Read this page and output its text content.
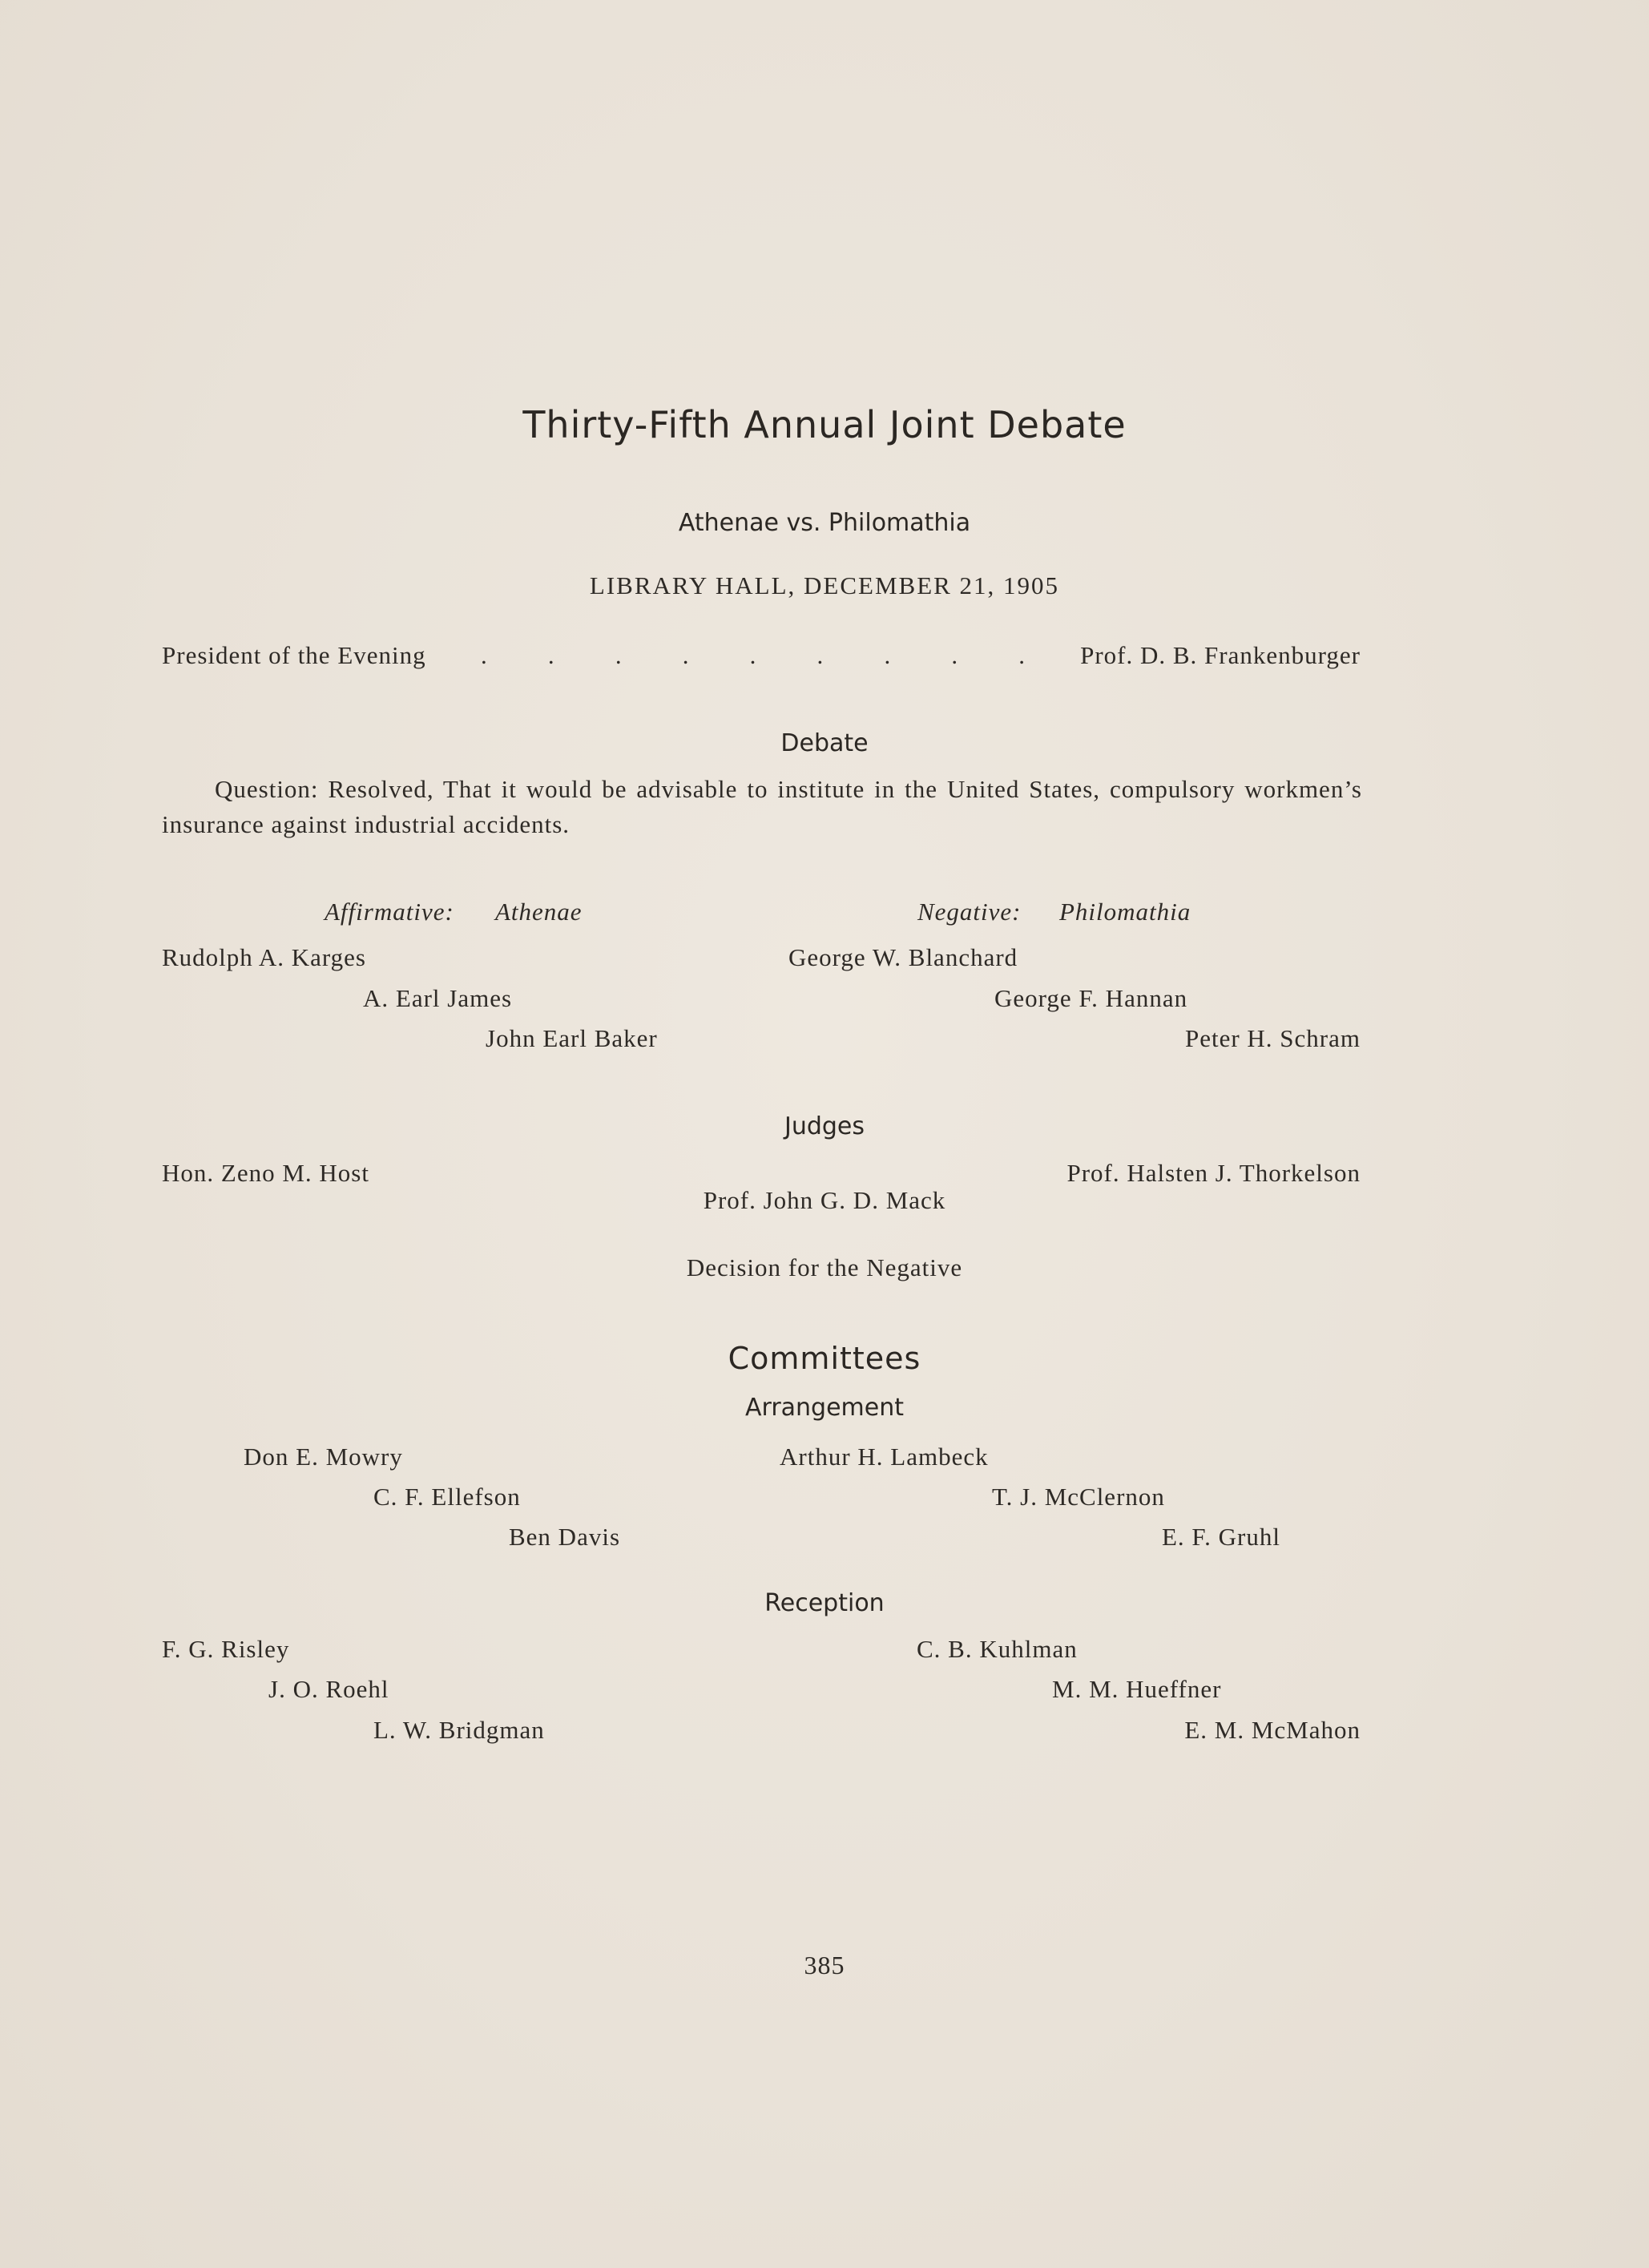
Thirty-Fifth Annual Joint Debate
Athenae vs. Philomathia
LIBRARY HALL, DECEMBER 21, 1905
President of the Evening . . . . . . . . . Prof. D. B. Frankenburger
Debate
Question: Resolved, That it would be advisable to institute in the United States, compulsory workmen’s insurance against industrial accidents.
Affirmative: Athenae	Negative: Philomathia
Rudolph A. Karges
A. Earl James
John Earl Baker
George W. Blanchard
George F. Hannan
Peter H. Schram
Judges
Hon. Zeno M. Host
Prof. John G. D. Mack
Prof. Halsten J. Thorkelson
Decision for the Negative
Committees
Arrangement
Don E. Mowry
C. F. Ellefson
Ben Davis
Arthur H. Lambeck
T. J. McClernon
E. F. Gruhl
Reception
F. G. Risley
J. O. Roehl
L. W. Bridgman
C. B. Kuhlman
M. M. Hueffner
E. M. McMahon
385
